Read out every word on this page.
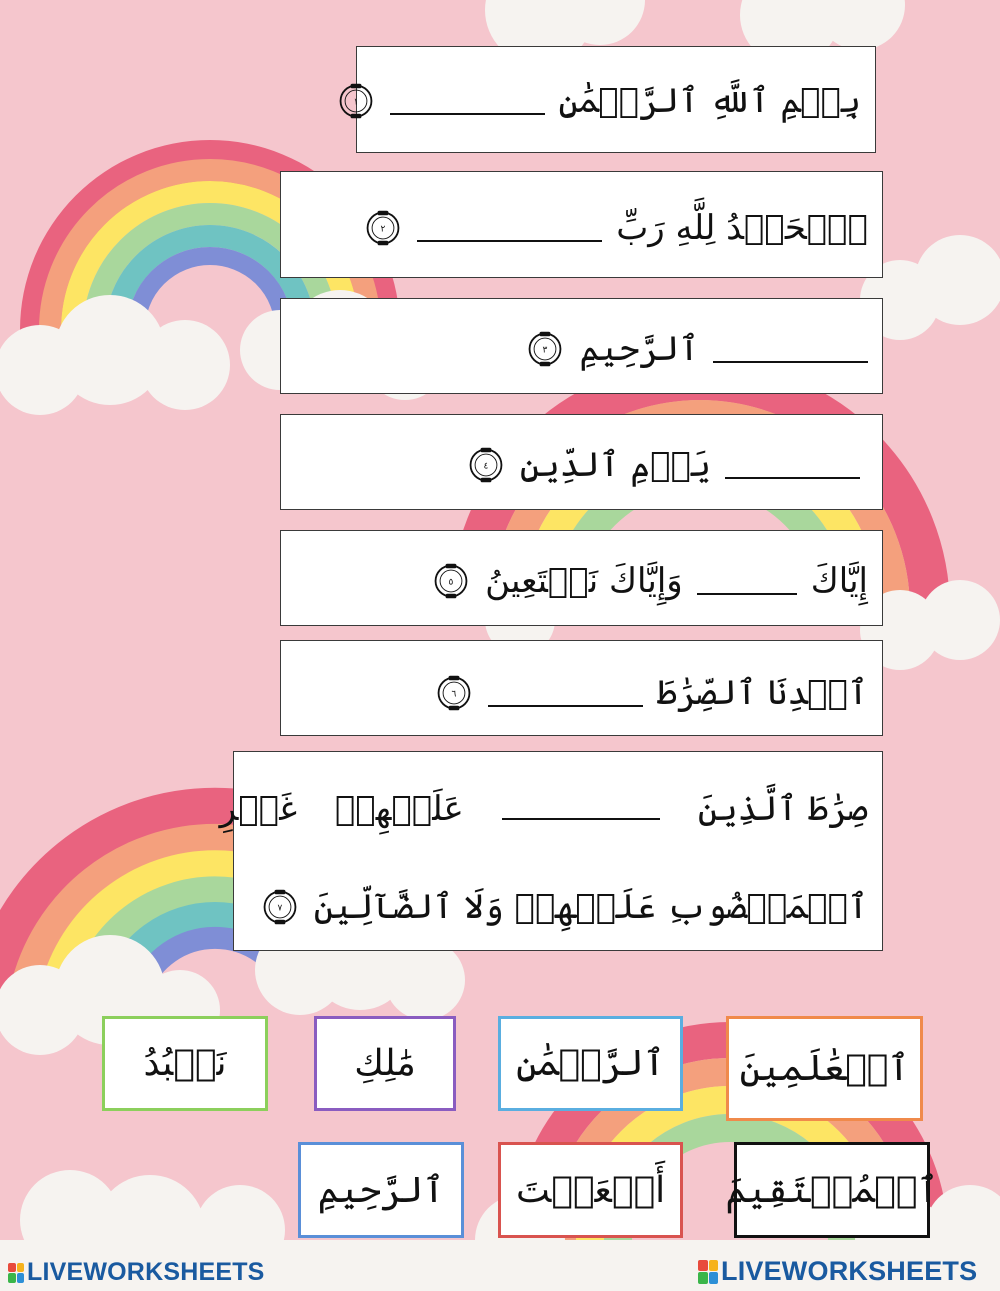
بِسۡمِ ٱللَّهِ ٱلرَّحۡمَٰنِ
١
ٱلۡحَمۡدُ لِلَّهِ رَبِّ
٢
ٱلرَّحِيمِ
٣
يَوۡمِ ٱلدِّينِ
٤
إِيَّاكَ
وَإِيَّاكَ نَسۡتَعِينُ
٥
ٱهۡدِنَا ٱلصِّرَٰطَ
٦
صِرَٰطَ ٱلَّذِينَ
عَلَيۡهِمۡ
غَيۡرِ
ٱلۡمَغۡضُوبِ عَلَيۡهِمۡ وَلَا ٱلضَّآلِّينَ
٧
ٱلۡعَٰلَمِينَ
ٱلرَّحۡمَٰنِ
مَٰلِكِ
نَعۡبُدُ
ٱلۡمُسۡتَقِيمَ
أَنۡعَمۡتَ
ٱلرَّحِيمِ
LIVEWORKSHEETS	LIVEWORKSHEETS
